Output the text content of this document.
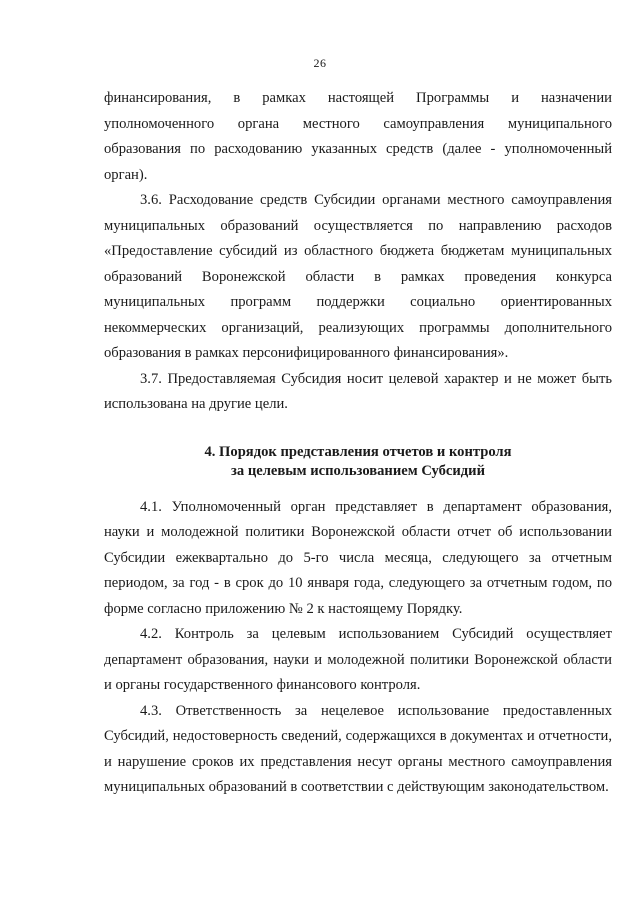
26

финансирования, в рамках настоящей Программы и назначении уполномоченного органа местного самоуправления муниципального образования по расходованию указанных средств (далее - уполномоченный орган).

3.6. Расходование средств Субсидии органами местного самоуправления муниципальных образований осуществляется по направлению расходов «Предоставление субсидий из областного бюджета бюджетам муниципальных образований Воронежской области в рамках проведения конкурса муниципальных программ поддержки социально ориентированных некоммерческих организаций, реализующих программы дополнительного образования в рамках персонифицированного финансирования».

3.7. Предоставляемая Субсидия носит целевой характер и не может быть использована на другие цели.

4. Порядок представления отчетов и контроля
за целевым использованием Субсидий

4.1. Уполномоченный орган представляет в департамент образования, науки и молодежной политики Воронежской области отчет об использовании Субсидии ежеквартально до 5-го числа месяца, следующего за отчетным периодом, за год - в срок до 10 января года, следующего за отчетным годом, по форме согласно приложению № 2 к настоящему Порядку.

4.2. Контроль за целевым использованием Субсидий осуществляет департамент образования, науки и молодежной политики Воронежской области и органы государственного финансового контроля.

4.3. Ответственность за нецелевое использование предоставленных Субсидий, недостоверность сведений, содержащихся в документах и отчетности, и нарушение сроков их представления несут органы местного самоуправления муниципальных образований в соответствии с действующим законодательством.
